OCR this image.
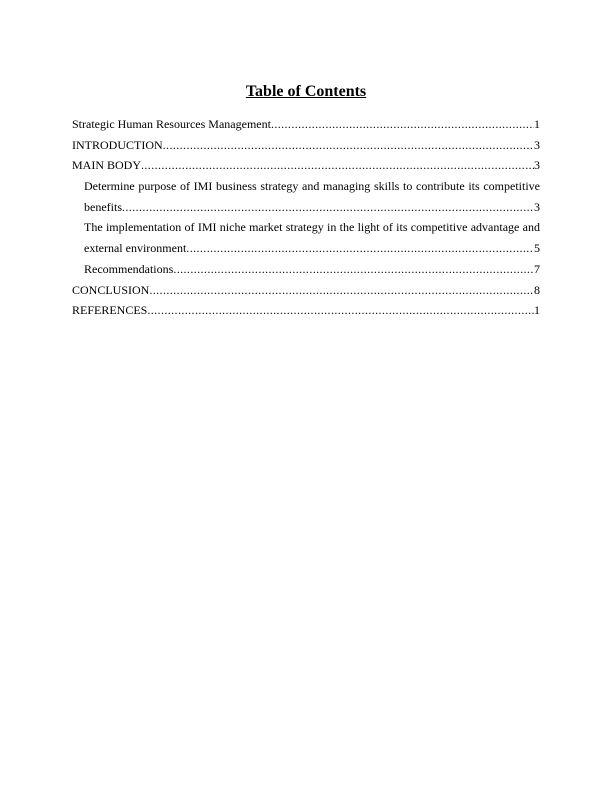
Table of Contents
Strategic Human Resources Management .....	1
INTRODUCTION .....	3
MAIN BODY .....	3
Determine purpose of IMI business strategy and managing skills to contribute its competitive
benefits .....	3
The implementation of IMI niche market strategy in the light of its competitive advantage and
external environment .....	5
Recommendations .....	7
CONCLUSION .....	8
REFERENCES .....	1
